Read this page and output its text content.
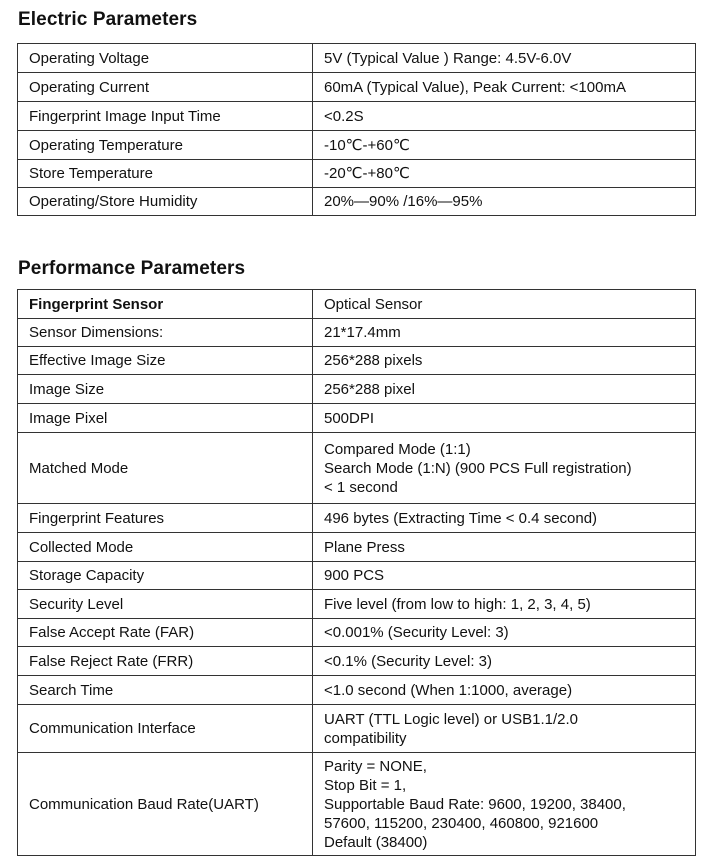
Electric Parameters
Operating Voltage	5V (Typical Value ) Range: 4.5V-6.0V

Operating Current	60mA (Typical Value), Peak Current: <100mA

Fingerprint Image Input Time	<0.2S

Operating Temperature	-10℃-+60℃

Store Temperature	-20℃-+80℃

Operating/Store Humidity	20%—90% /16%—95%
Performance Parameters
Fingerprint Sensor	Optical Sensor

Sensor Dimensions:	21*17.4mm

Effective Image Size	256*288 pixels

Image Size	256*288 pixel

Image Pixel	500DPI

Matched Mode	Compared Mode (1:1)
Search Mode (1:N) (900 PCS Full registration)
< 1 second

Fingerprint Features	496 bytes (Extracting Time < 0.4 second)

Collected Mode	Plane Press

Storage Capacity	900 PCS

Security Level	Five level (from low to high: 1, 2, 3, 4, 5)

False Accept Rate (FAR)	<0.001% (Security Level: 3)

False Reject Rate (FRR)	<0.1% (Security Level: 3)

Search Time	<1.0 second (When 1:1000, average)

Communication Interface	UART (TTL Logic level) or USB1.1/2.0
compatibility

Communication Baud Rate(UART)	Parity = NONE,
Stop Bit = 1,
Supportable Baud Rate: 9600, 19200, 38400,
57600, 115200, 230400, 460800, 921600
Default (38400)
